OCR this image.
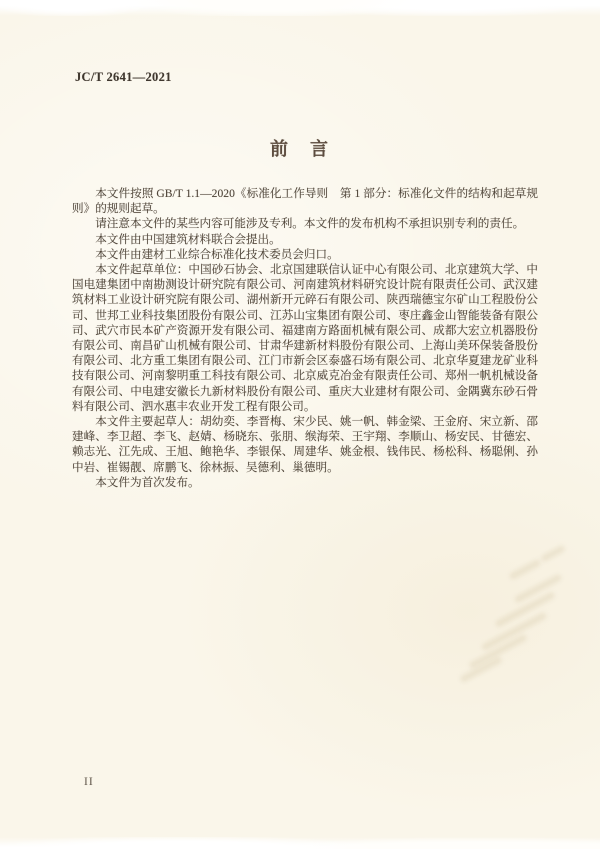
JC/T 2641—2021
前　言

本文件按照 GB/T 1.1—2020《标准化工作导则　第 1 部分：标准化文件的结构和起草规则》的规则起草。

请注意本文件的某些内容可能涉及专利。本文件的发布机构不承担识别专利的责任。

本文件由中国建筑材料联合会提出。

本文件由建材工业综合标准化技术委员会归口。

本文件起草单位：中国砂石协会、北京国建联信认证中心有限公司、北京建筑大学、中国电建集团中南勘测设计研究院有限公司、河南建筑材料研究设计院有限责任公司、武汉建筑材料工业设计研究院有限公司、湖州新开元碎石有限公司、陕西瑞德宝尔矿山工程股份公司、世邦工业科技集团股份有限公司、江苏山宝集团有限公司、枣庄鑫金山智能装备有限公司、武穴市民本矿产资源开发有限公司、福建南方路面机械有限公司、成都大宏立机器股份有限公司、南昌矿山机械有限公司、甘肃华建新材料股份有限公司、上海山美环保装备股份有限公司、北方重工集团有限公司、江门市新会区泰盛石场有限公司、北京华夏建龙矿业科技有限公司、河南黎明重工科技有限公司、北京威克冶金有限责任公司、郑州一帆机械设备有限公司、中电建安徽长九新材料股份有限公司、重庆大业建材有限公司、金隅冀东砂石骨料有限公司、泗水惠丰农业开发工程有限公司。

本文件主要起草人：胡幼奕、李晋梅、宋少民、姚一帆、韩金梁、王金府、宋立新、邵建峰、李卫超、李飞、赵婧、杨晓东、张朋、缑海荣、王宇翔、李顺山、杨安民、甘德宏、赖志光、江先成、王旭、鲍艳华、李银保、周建华、姚金根、钱伟民、杨松科、杨聪俐、孙中岩、崔锡靓、席鹏飞、徐林振、吴德利、巢德明。

本文件为首次发布。

II
